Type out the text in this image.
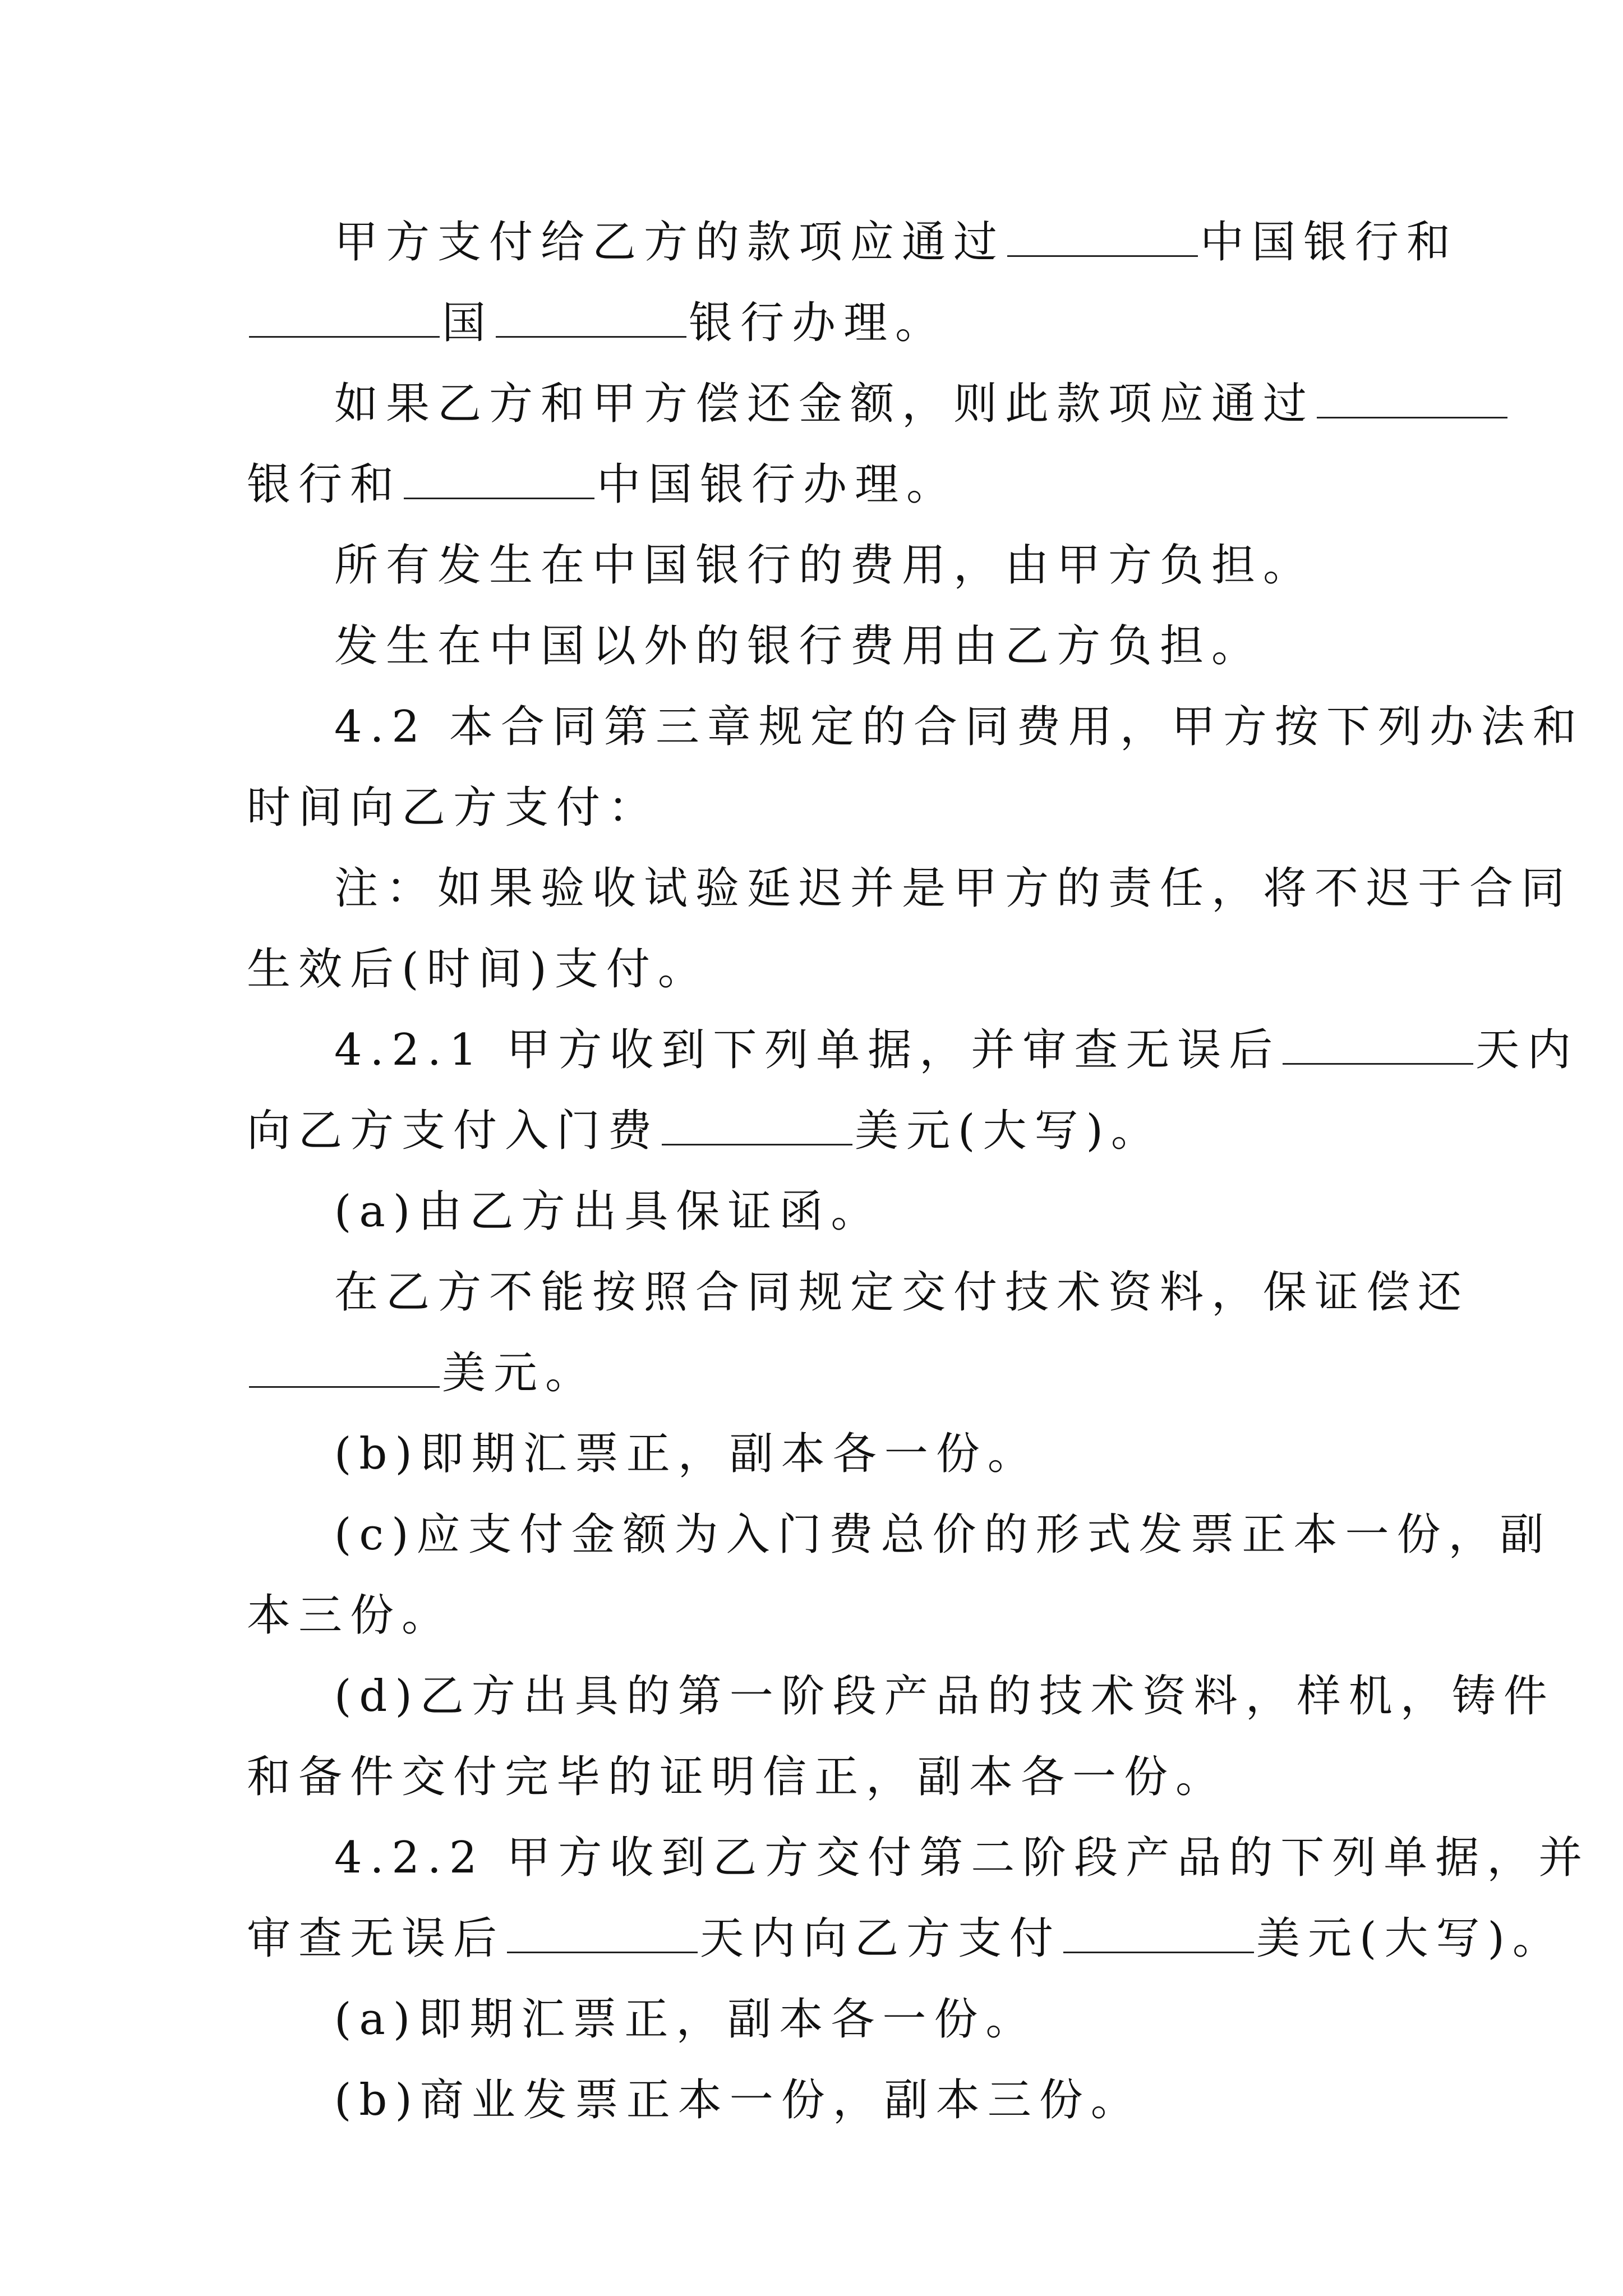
甲方支付给乙方的款项应通过	中国银行和
国	银行办理。
如果乙方和甲方偿还金额，则此款项应通过
银行和	中国银行办理。
所有发生在中国银行的费用，由甲方负担。
发生在中国以外的银行费用由乙方负担。
4.2 本合同第三章规定的合同费用，甲方按下列办法和
时间向乙方支付：
注：如果验收试验延迟并是甲方的责任，将不迟于合同
生效后(时间)支付。
4.2.1 甲方收到下列单据，并审查无误后	天内
向乙方支付入门费	美元(大写)。
(a)由乙方出具保证函。
在乙方不能按照合同规定交付技术资料，保证偿还
美元。
(b)即期汇票正，副本各一份。
(c)应支付金额为入门费总价的形式发票正本一份，副
本三份。
(d)乙方出具的第一阶段产品的技术资料，样机，铸件
和备件交付完毕的证明信正，副本各一份。
4.2.2 甲方收到乙方交付第二阶段产品的下列单据，并
审查无误后	天内向乙方支付	美元(大写)。
(a)即期汇票正，副本各一份。
(b)商业发票正本一份，副本三份。
